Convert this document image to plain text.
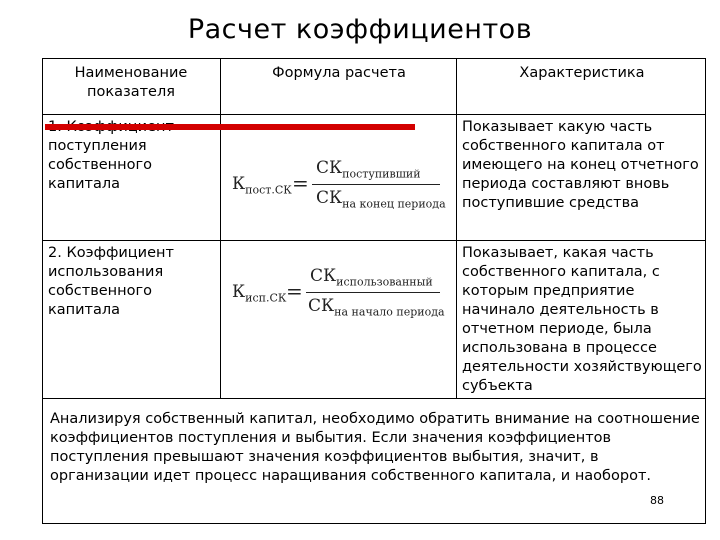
Расчет коэффициентов
Наименование показателя
Формула расчета	Характеристика
поступления собственного капитала	$К_{пост.СК}$ =
$СК_{поступивший}$
$СК_{на конец периода}$
Показывает какую часть собственного капитала от имеющего на конец отчетного периода составляют вновь поступившие средства
2. Коэффициент использования собственного капитала
$К_{исп.СК}$ =
$СК_{использованный}$
$СК_{на начало периода}$
Показывает, какая часть собственного капитала, с которым предприятие начинало деятельность в отчетном периоде, была использована в процессе деятельности хозяйствующего субъекта
Анализируя собственный капитал, необходимо обратить внимание на соотношение коэффициентов поступления и выбытия. Если значения коэффициентов поступления превышают значения коэффициентов выбытия, значит, в организации идет процесс наращивания собственного капитала, и наоборот.
88
